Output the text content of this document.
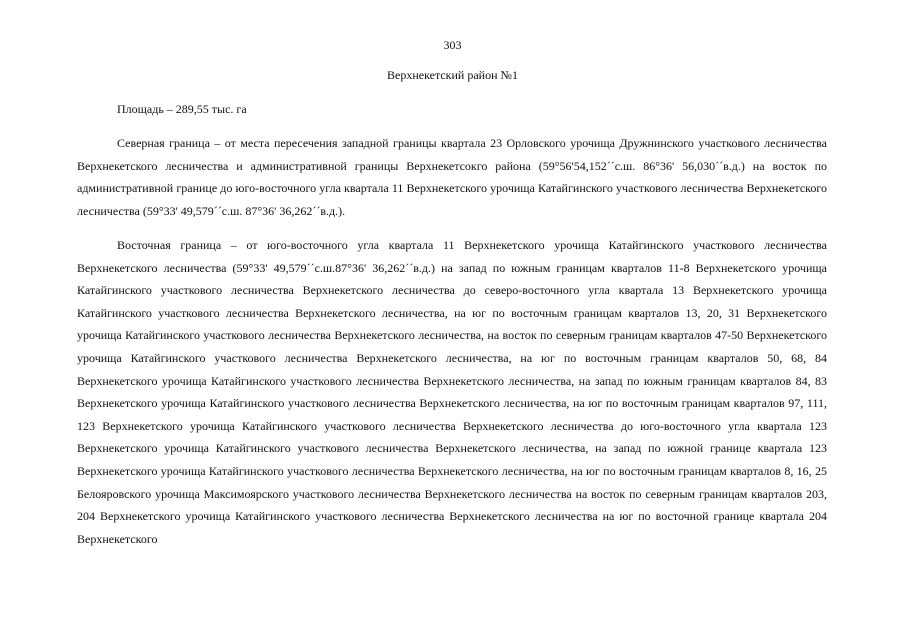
303
Верхнекетский район №1
Площадь – 289,55 тыс. га

Северная граница – от места пересечения западной границы квартала 23 Орловского урочища Дружнинского участкового лесничества Верхнекетского лесничества и административной границы Верхнекетсокго района (59°56'54,152´´с.ш. 86°36' 56,030´´в.д.) на восток по административной границе до юго-восточного угла квартала 11 Верхнекетского урочища Катайгинского участкового лесничества Верхнекетского лесничества (59°33' 49,579´´с.ш. 87°36' 36,262´´в.д.).

Восточная граница – от юго-восточного угла квартала 11 Верхнекетского урочища Катайгинского участкового лесничества Верхнекетского лесничества (59°33' 49,579´´с.ш.87°36' 36,262´´в.д.) на запад по южным границам кварталов 11-8 Верхнекетского урочища Катайгинского участкового лесничества Верхнекетского лесничества до северо-восточного угла квартала 13 Верхнекетского урочища Катайгинского участкового лесничества Верхнекетского лесничества, на юг по восточным границам кварталов 13, 20, 31 Верхнекетского урочища Катайгинского участкового лесничества Верхнекетского лесничества, на восток по северным границам кварталов 47-50 Верхнекетского урочища Катайгинского участкового лесничества Верхнекетского лесничества, на юг по восточным границам кварталов 50, 68, 84 Верхнекетского урочища Катайгинского участкового лесничества Верхнекетского лесничества, на запад по южным границам кварталов 84, 83 Верхнекетского урочища Катайгинского участкового лесничества Верхнекетского лесничества, на юг по восточным границам кварталов 97, 111, 123 Верхнекетского урочища Катайгинского участкового лесничества Верхнекетского лесничества до юго-восточного угла квартала 123 Верхнекетского урочища Катайгинского участкового лесничества Верхнекетского лесничества, на запад по южной границе квартала 123 Верхнекетского урочища Катайгинского участкового лесничества Верхнекетского лесничества, на юг по восточным границам кварталов 8, 16, 25 Белояровского урочища Максимоярского участкового лесничества Верхнекетского лесничества на восток по северным границам кварталов 203, 204 Верхнекетского урочища Катайгинского участкового лесничества Верхнекетского лесничества на юг по восточной границе квартала 204 Верхнекетского
